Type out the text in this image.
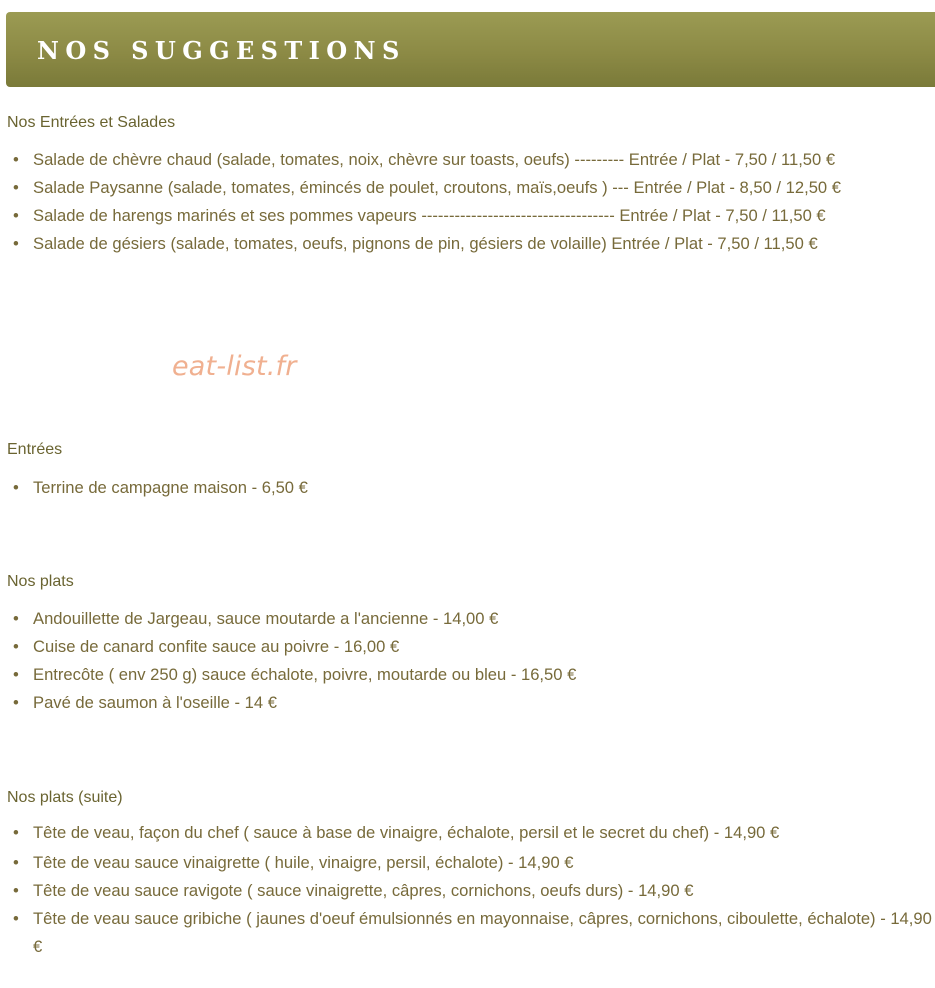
NOS SUGGESTIONS
Nos Entrées et Salades
• Salade de chèvre chaud (salade, tomates, noix, chèvre sur toasts, oeufs) --------- Entrée / Plat - 7,50 / 11,50 €
• Salade Paysanne (salade, tomates, émincés de poulet, croutons, maïs,oeufs ) --- Entrée / Plat - 8,50 / 12,50 €
• Salade de harengs marinés et ses pommes vapeurs ----------------------------------- Entrée / Plat - 7,50 / 11,50 €
• Salade de gésiers (salade, tomates, oeufs, pignons de pin, gésiers de volaille) Entrée / Plat - 7,50 / 11,50 €
eat-list.fr
Entrées
• Terrine de campagne maison - 6,50 €
Nos plats
• Andouillette de Jargeau, sauce moutarde a l'ancienne - 14,00 €
• Cuise de canard confite sauce au poivre - 16,00 €
• Entrecôte ( env 250 g) sauce échalote, poivre, moutarde ou bleu - 16,50 €
• Pavé de saumon à l'oseille - 14 €
Nos plats (suite)
• Tête de veau, façon du chef ( sauce à base de vinaigre, échalote, persil et le secret du chef) - 14,90 €
• Tête de veau sauce vinaigrette ( huile, vinaigre, persil, échalote) - 14,90 €
• Tête de veau sauce ravigote ( sauce vinaigrette, câpres, cornichons, oeufs durs) - 14,90 €
• Tête de veau sauce gribiche ( jaunes d'oeuf émulsionnés en mayonnaise, câpres, cornichons, ciboulette, échalote) - 14,90 €
